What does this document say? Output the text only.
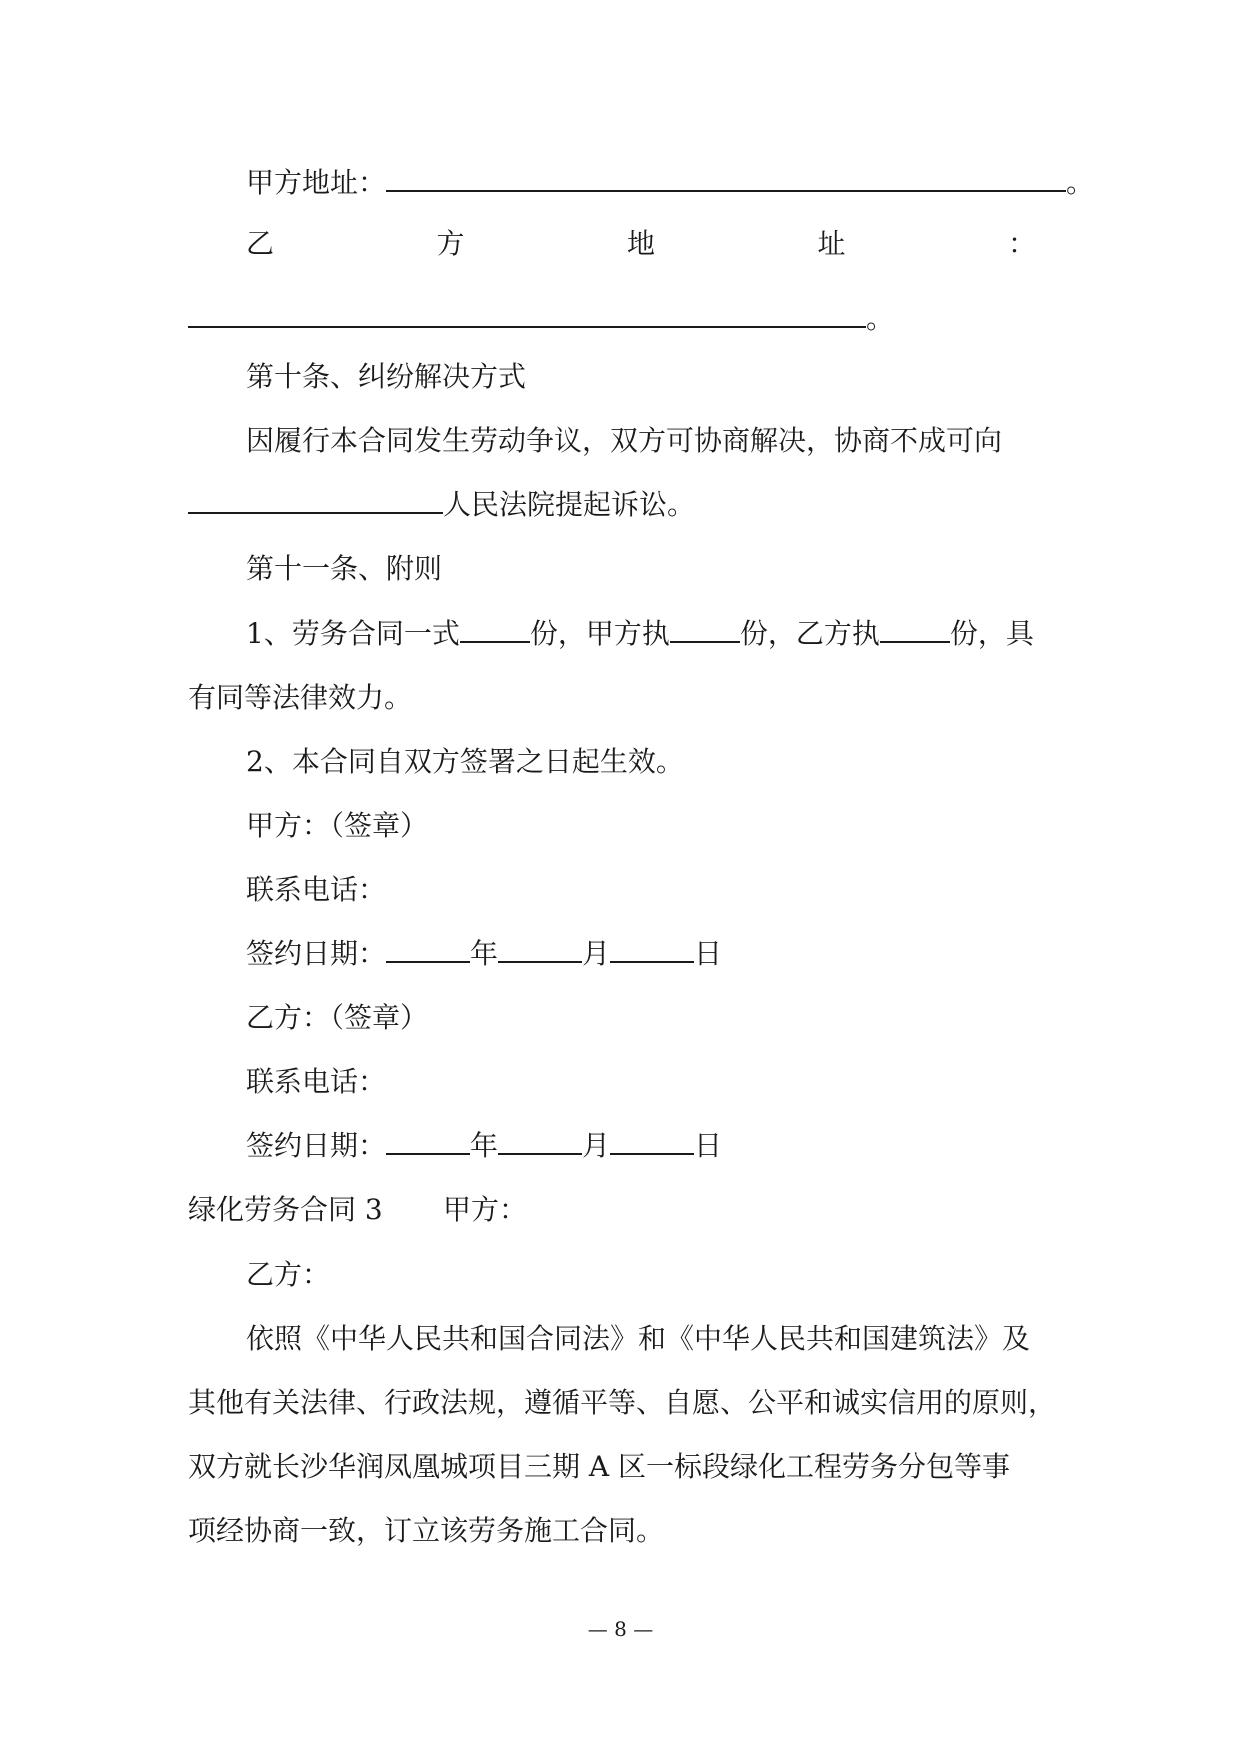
甲方地址：	。
乙	方	地	址	：
。
第十条、纠纷解决方式
因履行本合同发生劳动争议，双方可协商解决，协商不成可向
人民法院提起诉讼。
第十一条、附则
1、劳务合同一式	份，甲方执	份，乙方执	份，具
有同等法律效力。
2、本合同自双方签署之日起生效。
甲方：（签章）
联系电话：
签约日期：	年	月	日
乙方：（签章）
联系电话：
签约日期：	年	月	日
绿化劳务合同 3 甲方：
乙方：
依照《中华人民共和国合同法》和《中华人民共和国建筑法》及
其他有关法律、行政法规，遵循平等、自愿、公平和诚实信用的原则，
双方就长沙华润凤凰城项目三期 A 区一标段绿化工程劳务分包等事
项经协商一致，订立该劳务施工合同。
— 8 —
